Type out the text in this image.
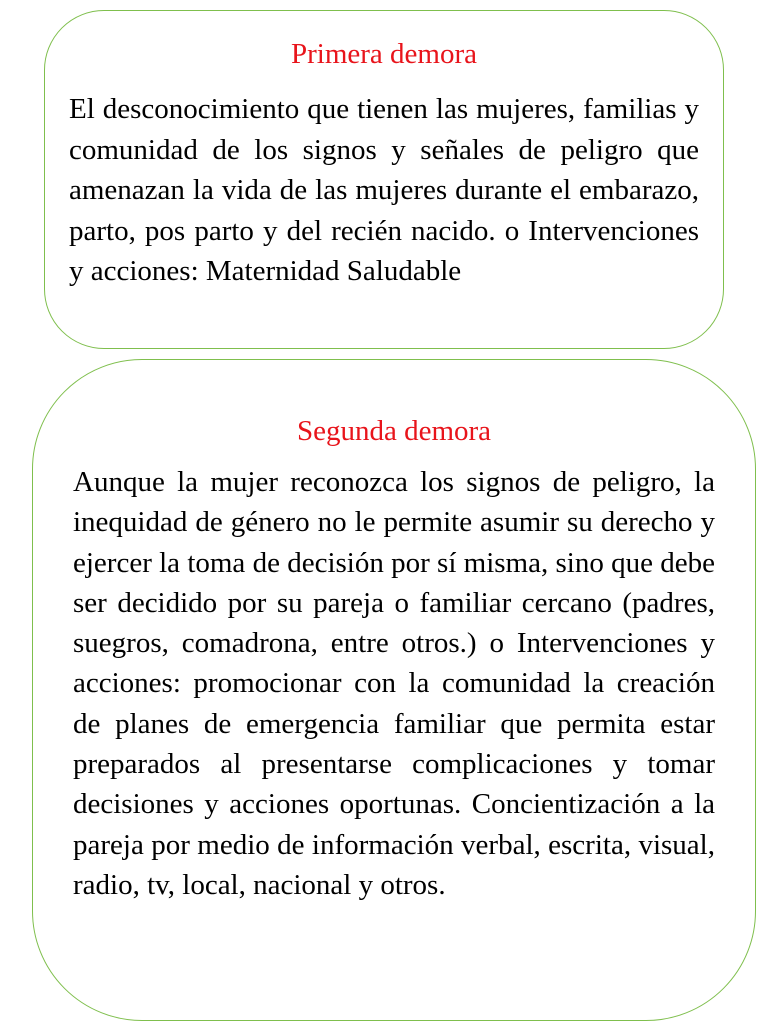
Primera demora

El desconocimiento que tienen las mujeres, familias y comunidad de los signos y señales de peligro que amenazan la vida de las mujeres durante el embarazo, parto, pos parto y del recién nacido. o Intervenciones y acciones: Maternidad Saludable

Segunda demora

Aunque la mujer reconozca los signos de peligro, la inequidad de género no le permite asumir su derecho y ejercer la toma de decisión por sí misma, sino que debe ser decidido por su pareja o familiar cercano (padres, suegros, comadrona, entre otros.) o Intervenciones y acciones: promocionar con la comunidad la creación de planes de emergencia familiar que permita estar preparados al presentarse complicaciones y tomar decisiones y acciones oportunas. Concientización a la pareja por medio de información verbal, escrita, visual, radio, tv, local, nacional y otros.
